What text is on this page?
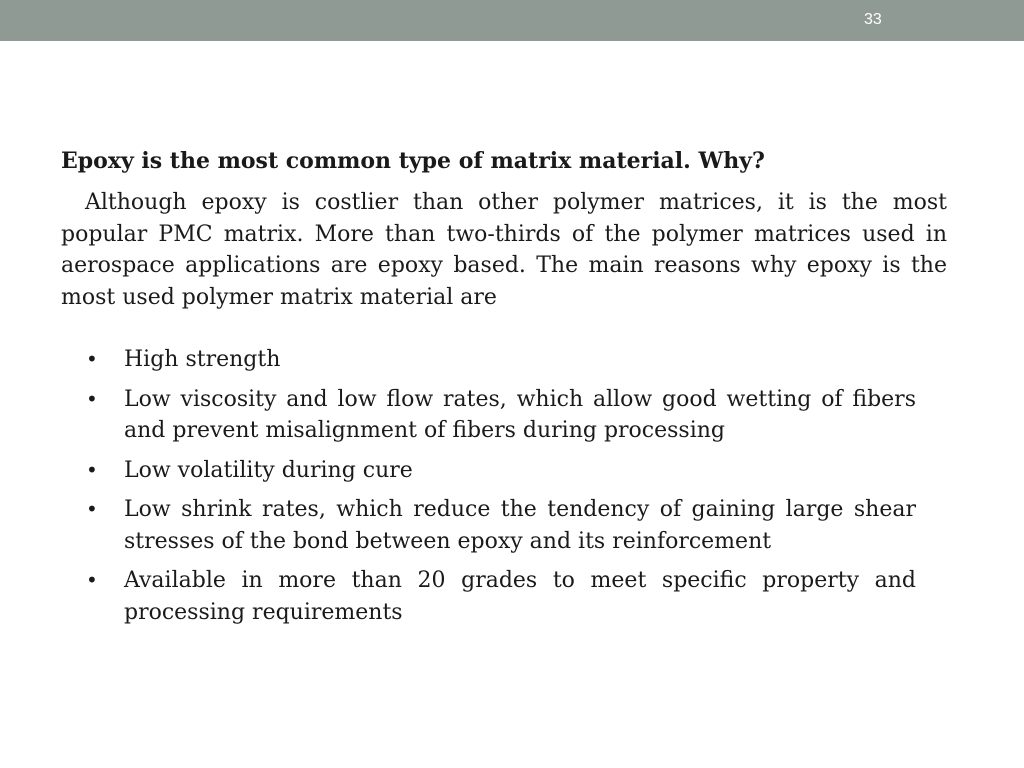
33
Epoxy is the most common type of matrix material. Why?

Although epoxy is costlier than other polymer matrices, it is the most popular PMC matrix. More than two-thirds of the polymer matrices used in aerospace applications are epoxy based. The main reasons why epoxy is the most used polymer matrix material are

• High strength
• Low viscosity and low flow rates, which allow good wetting of fibers and prevent misalignment of fibers during processing
• Low volatility during cure
• Low shrink rates, which reduce the tendency of gaining large shear stresses of the bond between epoxy and its reinforcement
• Available in more than 20 grades to meet specific property and processing requirements
